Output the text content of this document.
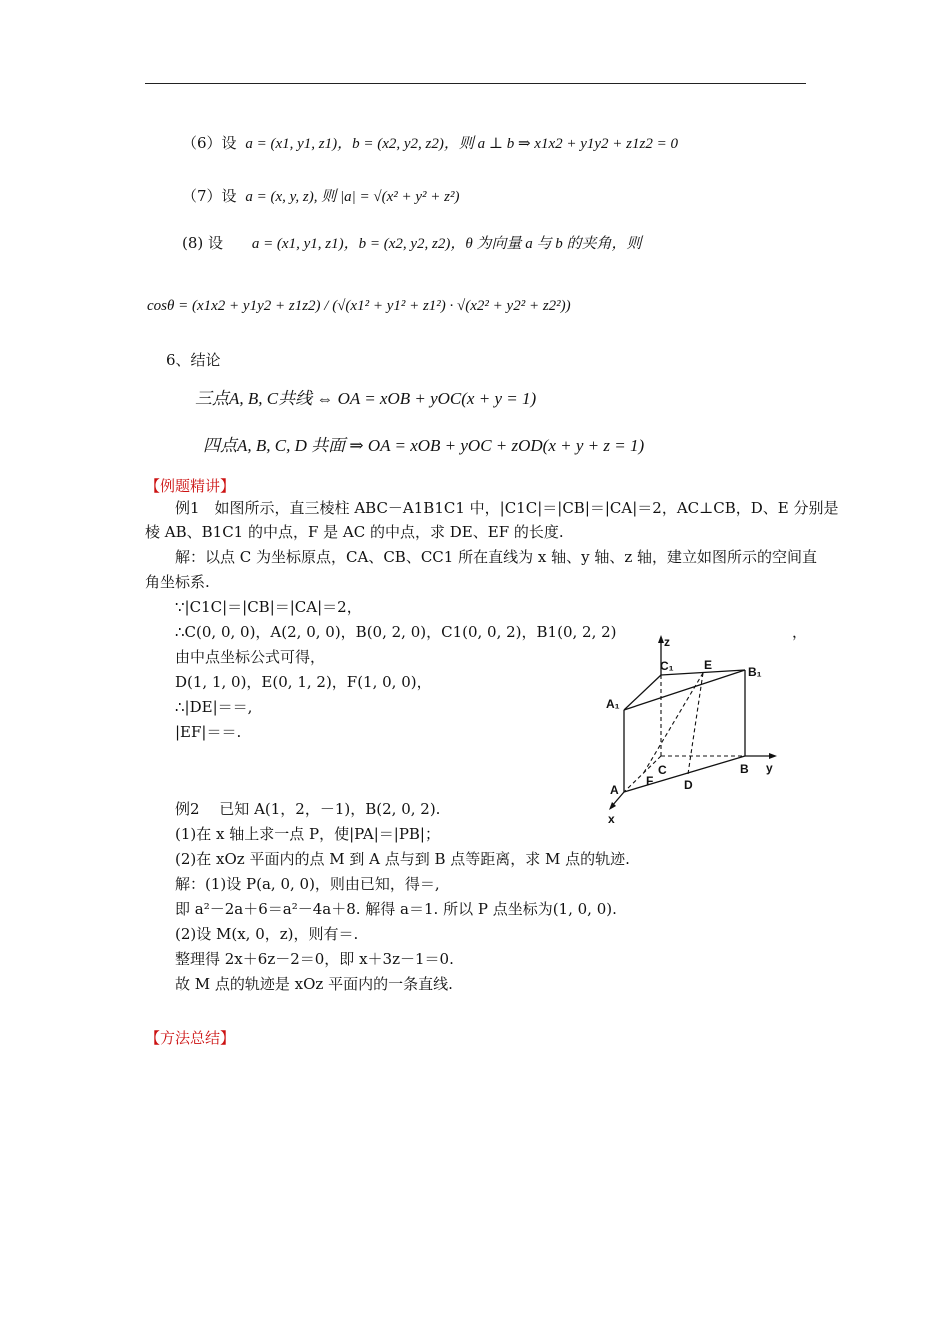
（6）设 a = (x1, y1, z1)，b = (x2, y2, z2)，则 a ⊥ b ⇒ x1x2 + y1y2 + z1z2 = 0
（7）设 a = (x, y, z), 则 |a| = √(x² + y² + z²)
(8) 设 a = (x1, y1, z1)，b = (x2, y2, z2)，θ 为向量 a 与 b 的夹角，则
cosθ = (x1x2 + y1y2 + z1z2) / (√(x1² + y1² + z1²) · √(x2² + y2² + z2²))
6、结论
三点A, B, C共线 ⇔ OA = xOB + yOC(x + y = 1)
四点A, B, C, D 共面 ⇒ OA = xOB + yOC + zOD(x + y + z = 1)
【例题精讲】
例1　如图所示，直三棱柱 ABC－A1B1C1 中，|C1C|＝|CB|＝|CA|＝2，AC⊥CB，D、E 分别是
棱 AB、B1C1 的中点，F 是 AC 的中点，求 DE、EF 的长度.
解：以点 C 为坐标原点，CA、CB、CC1 所在直线为 x 轴、y 轴、z 轴，建立如图所示的空间直
角坐标系.
∵|C1C|＝|CB|＝|CA|＝2，
∴C(0, 0, 0)，A(2, 0, 0)，B(0, 2, 0)，C1(0, 0, 2)，B1(0, 2, 2)	，
由中点坐标公式可得，
D(1, 1, 0)，E(0, 1, 2)，F(1, 0, 0)，
∴|DE|＝＝,
|EF|＝＝.
z
y
x
C₁	E	B₁
A₁
C	B
F	D
A
例2　 已知 A(1，2，－1)，B(2, 0, 2).
(1)在 x 轴上求一点 P，使|PA|＝|PB|；
(2)在 xOz 平面内的点 M 到 A 点与到 B 点等距离，求 M 点的轨迹.
解：(1)设 P(a, 0, 0)，则由已知，得＝,
即 a²－2a＋6＝a²－4a＋8. 解得 a＝1. 所以 P 点坐标为(1, 0, 0).
(2)设 M(x, 0，z)，则有＝.
整理得 2x＋6z－2＝0，即 x＋3z－1＝0.
故 M 点的轨迹是 xOz 平面内的一条直线.
【方法总结】
